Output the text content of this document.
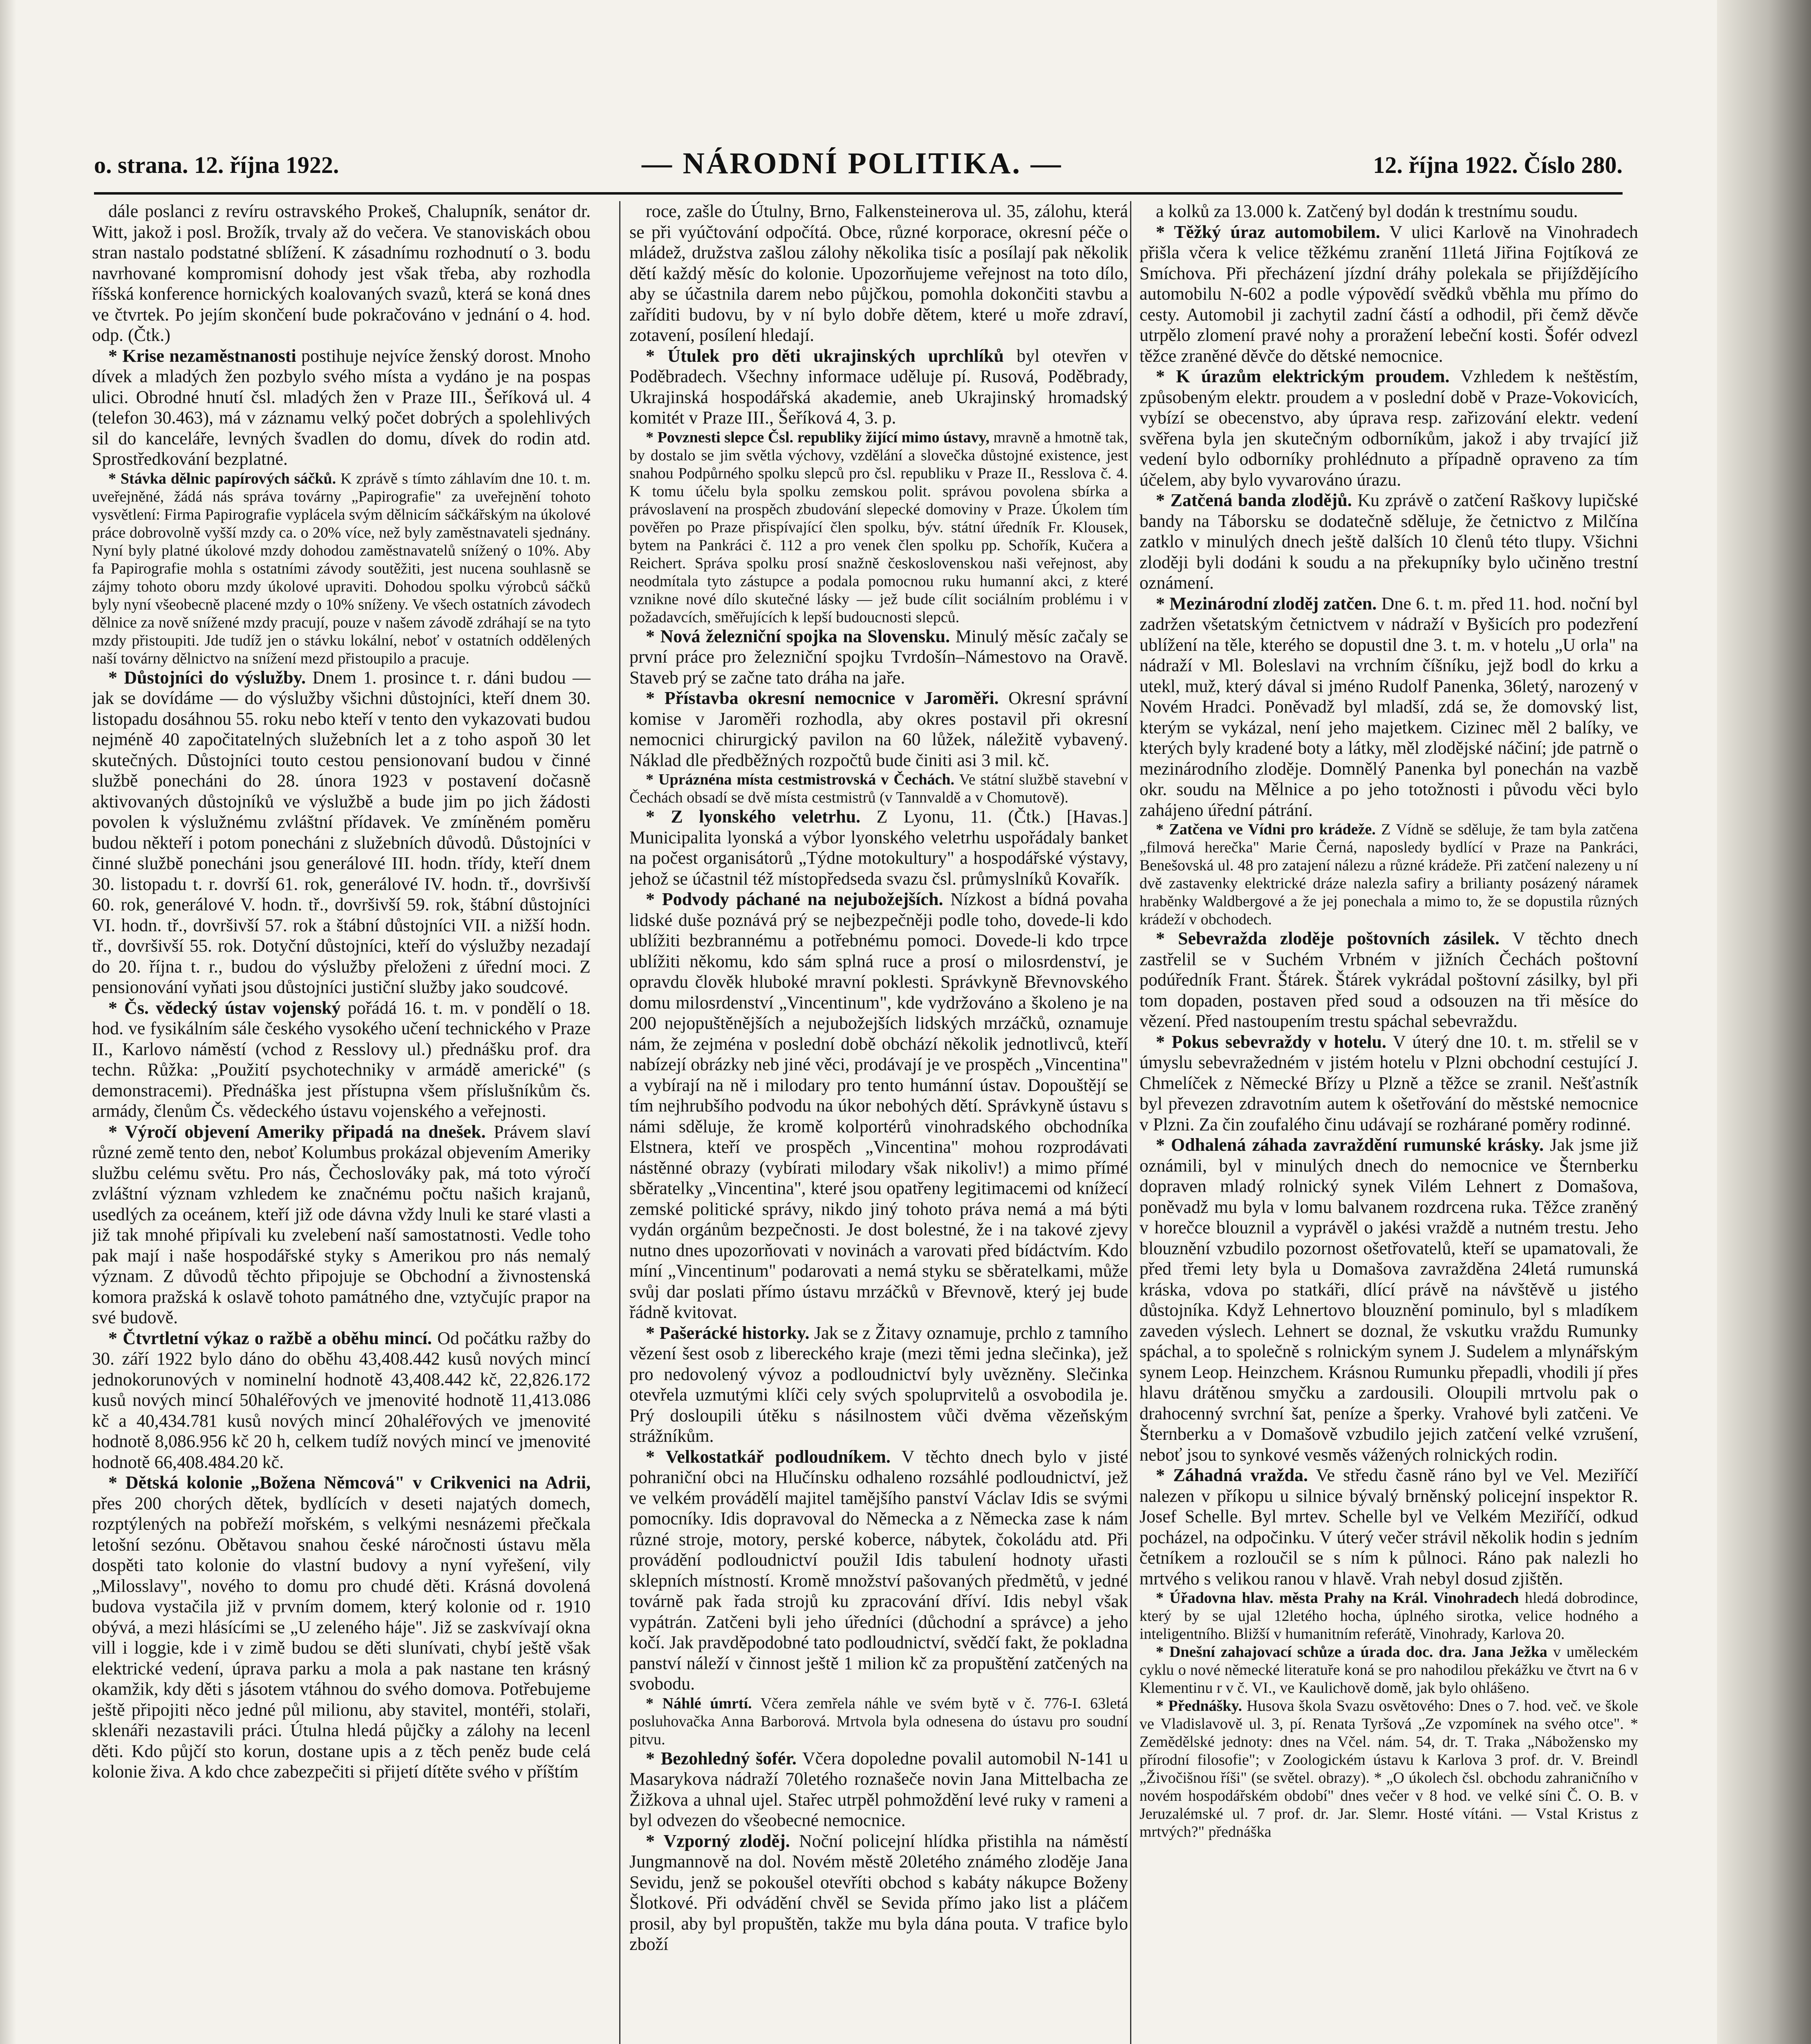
o. strana. 12. října 1922.	— NÁRODNÍ POLITIKA. —	12. října 1922. Číslo 280.

dále poslanci z revíru ostravského Prokeš, Chalupník, senátor dr. Witt, jakož i posl. Brožík, trvaly až do večera. Ve stanoviskách obou stran nastalo podstatné sblížení. K zásadnímu rozhodnutí o 3. bodu navrhované kompromisní dohody jest však třeba, aby rozhodla říšská konference hornických koalovaných svazů, která se koná dnes ve čtvrtek. Po jejím skončení bude pokračováno v jednání o 4. hod. odp. (Čtk.)

* Krise nezaměstnanosti postihuje nejvíce ženský dorost. Mnoho dívek a mladých žen pozbylo svého místa a vydáno je na pospas ulici. Obrodné hnutí čsl. mladých žen v Praze III., Šeříková ul. 4 (telefon 30.463), má v záznamu velký počet dobrých a spolehlivých sil do kanceláře, levných švadlen do domu, dívek do rodin atd. Sprostředkování bezplatné.

* Stávka dělnic papírových sáčků. K zprávě s tímto záhlavím dne 10. t. m. uveřejněné, žádá nás správa továrny „Papirografie" za uveřejnění tohoto vysvětlení: Firma Papirografie vyplácela svým dělnicím sáčkářským na úkolové práce dobrovolně vyšší mzdy ca. o 20% více, než byly zaměstnavateli sjednány. Nyní byly platné úkolové mzdy dohodou zaměstnavatelů snížený o 10%. Aby fa Papirografie mohla s ostatními závody soutěžiti, jest nucena souhlasně se zájmy tohoto oboru mzdy úkolové upraviti. Dohodou spolku výrobců sáčků byly nyní všeobecně placené mzdy o 10% sníženy. Ve všech ostatních závodech dělnice za nově snížené mzdy pracují, pouze v našem závodě zdráhají se na tyto mzdy přistoupiti. Jde tudíž jen o stávku lokální, neboť v ostatních oddělených naší továrny dělnictvo na snížení mezd přistoupilo a pracuje.

* Důstojníci do výslužby. Dnem 1. prosince t. r. dáni budou — jak se dovídáme — do výslužby všichni důstojníci, kteří dnem 30. listopadu dosáhnou 55. roku nebo kteří v tento den vykazovati budou nejméně 40 započitatelných služebních let a z toho aspoň 30 let skutečných. Důstojníci touto cestou pensionovaní budou v činné službě ponecháni do 28. února 1923 v postavení dočasně aktivovaných důstojníků ve výslužbě a bude jim po jich žádosti povolen k výslužnému zvláštní přídavek. Ve zmíněném poměru budou někteří i potom ponecháni z služebních důvodů. Důstojníci v činné službě ponecháni jsou generálové III. hodn. třídy, kteří dnem 30. listopadu t. r. dovrší 61. rok, generálové IV. hodn. tř., dovršivší 60. rok, generálové V. hodn. tř., dovršivší 59. rok, štábní důstojníci VI. hodn. tř., dovršivší 57. rok a štábní důstojníci VII. a nižší hodn. tř., dovršivší 55. rok. Dotyční důstojníci, kteří do výslužby nezadají do 20. října t. r., budou do výslužby přeloženi z úřední moci. Z pensionování vyňati jsou důstojníci justiční služby jako soudcové.

* Čs. vědecký ústav vojenský pořádá 16. t. m. v pondělí o 18. hod. ve fysikálním sále českého vysokého učení technického v Praze II., Karlovo náměstí (vchod z Resslovy ul.) přednášku prof. dra techn. Růžka: „Použití psychotechniky v armádě americké" (s demonstracemi). Přednáška jest přístupna všem příslušníkům čs. armády, členům Čs. vědeckého ústavu vojenského a veřejnosti.

* Výročí objevení Ameriky připadá na dnešek. Právem slaví různé země tento den, neboť Kolumbus prokázal objevením Ameriky službu celému světu. Pro nás, Čechoslováky pak, má toto výročí zvláštní význam vzhledem ke značnému počtu našich krajanů, usedlých za oceánem, kteří již ode dávna vždy lnuli ke staré vlasti a již tak mnohé připívali ku zvelebení naší samostatnosti. Vedle toho pak mají i naše hospodářské styky s Amerikou pro nás nemalý význam. Z důvodů těchto připojuje se Obchodní a živnostenská komora pražská k oslavě tohoto památného dne, vztyčujíc prapor na své budově.

* Čtvrtletní výkaz o ražbě a oběhu mincí. Od počátku ražby do 30. září 1922 bylo dáno do oběhu 43,408.442 kusů nových mincí jednokorunových v nominelní hodnotě 43,408.442 kč, 22,826.172 kusů nových mincí 50haléřových ve jmenovité hodnotě 11,413.086 kč a 40,434.781 kusů nových mincí 20haléřových ve jmenovité hodnotě 8,086.956 kč 20 h, celkem tudíž nových mincí ve jmenovité hodnotě 66,408.484.20 kč.

* Dětská kolonie „Božena Němcová" v Crikvenici na Adrii, přes 200 chorých dětek, bydlících v deseti najatých domech, rozptýlených na pobřeží mořském, s velkými nesnázemi přečkala letošní sezónu. Obětavou snahou české náročnosti ústavu měla dospěti tato kolonie do vlastní budovy a nyní vyřešení, vily „Milosslavy", nového to domu pro chudé děti. Krásná dovolená budova vystačila již v prvním domem, který kolonie od r. 1910 obývá, a mezi hlásícími se „U zeleného háje". Již se zaskvívají okna vill i loggie, kde i v zimě budou se děti slunívati, chybí ještě však elektrické vedení, úprava parku a mola a pak nastane ten krásný okamžik, kdy děti s jásotem vtáhnou do svého domova. Potřebujeme ještě připojiti něco jedné půl milionu, aby stavitel, montéři, stolaři, sklenáři nezastavili práci. Útulna hledá půjčky a zálohy na lecenl děti. Kdo půjčí sto korun, dostane upis a z těch peněz bude celá kolonie živa. A kdo chce zabezpečiti si přijetí dítěte svého v příštím

roce, zašle do Útulny, Brno, Falkensteinerova ul. 35, zálohu, která se při vyúčtování odpočítá. Obce, různé korporace, okresní péče o mládež, družstva zašlou zálohy několika tisíc a posílají pak několik dětí každý měsíc do kolonie. Upozorňujeme veřejnost na toto dílo, aby se účastnila darem nebo půjčkou, pomohla dokončiti stavbu a zaříditi budovu, by v ní bylo dobře dětem, které u moře zdraví, zotavení, posílení hledají.

* Útulek pro děti ukrajinských uprchlíků byl otevřen v Poděbradech. Všechny informace uděluje pí. Rusová, Poděbrady, Ukrajinská hospodářská akademie, aneb Ukrajinský hromadský komitét v Praze III., Šeříková 4, 3. p.

* Povznesti slepce Čsl. republiky žijící mimo ústavy, mravně a hmotně tak, by dostalo se jim světla výchovy, vzdělání a slovečka důstojné existence, jest snahou Podpůrného spolku slepců pro čsl. republiku v Praze II., Resslova č. 4. K tomu účelu byla spolku zemskou polit. správou povolena sbírka a právoslavení na prospěch zbudování slepecké domoviny v Praze. Úkolem tím pověřen po Praze přispívající člen spolku, býv. státní úředník Fr. Klousek, bytem na Pankráci č. 112 a pro venek člen spolku pp. Schořík, Kučera a Reichert. Správa spolku prosí snažně československou naši veřejnost, aby neodmítala tyto zástupce a podala pomocnou ruku humanní akci, z které vznikne nové dílo skutečné lásky — jež bude cílit sociálním problému i v požadavcích, směřujících k lepší budoucnosti slepců.

* Nová železniční spojka na Slovensku. Minulý měsíc začaly se první práce pro železniční spojku Tvrdošín–Námestovo na Oravě. Staveb prý se začne tato dráha na jaře.

* Přístavba okresní nemocnice v Jaroměři. Okresní správní komise v Jaroměři rozhodla, aby okres postavil při okresní nemocnici chirurgický pavilon na 60 lůžek, náležitě vybavený. Náklad dle předběžných rozpočtů bude činiti asi 3 mil. kč.

* Upráznéna místa cestmistrovská v Čechách. Ve státní službě stavební v Čechách obsadí se dvě místa cestmistrů (v Tannvaldě a v Chomutově).

* Z lyonského veletrhu. Z Lyonu, 11. (Čtk.) [Havas.] Municipalita lyonská a výbor lyonského veletrhu uspořádaly banket na počest organisátorů „Týdne motokultury" a hospodářské výstavy, jehož se účastnil též místopředseda svazu čsl. průmyslníků Kovařík.

* Podvody páchané na nejubožejších. Nízkost a bídná povaha lidské duše poznává prý se nejbezpečněji podle toho, dovede-li kdo ublížiti bezbrannému a potřebnému pomoci. Dovede-li kdo trpce ublížiti někomu, kdo sám splná ruce a prosí o milosrdenství, je opravdu člověk hluboké mravní poklesti. Správkyně Břevnovského domu milosrdenství „Vincentinum", kde vydržováno a školeno je na 200 nejopuštěnějších a nejubožejších lidských mrzáčků, oznamuje nám, že zejména v poslední době obchází několik jednotlivců, kteří nabízejí obrázky neb jiné věci, prodávají je ve prospěch „Vincentina" a vybírají na ně i milodary pro tento humánní ústav. Dopouštějí se tím nejhrubšího podvodu na úkor nebohých dětí. Správkyně ústavu s námi sděluje, že kromě kolportérů vinohradského obchodníka Elstnera, kteří ve prospěch „Vincentina" mohou rozprodávati nástěnné obrazy (vybírati milodary však nikoliv!) a mimo přímé sběratelky „Vincentina", které jsou opatřeny legitimacemi od knížecí zemské politické správy, nikdo jiný tohoto práva nemá a má býti vydán orgánům bezpečnosti. Je dost bolestné, že i na takové zjevy nutno dnes upozorňovati v novinách a varovati před bídáctvím. Kdo míní „Vincentinum" podarovati a nemá styku se sběratelkami, může svůj dar poslati přímo ústavu mrzáčků v Břevnově, který jej bude řádně kvitovat.

* Pašerácké historky. Jak se z Žitavy oznamuje, prchlo z tamního vězení šest osob z libereckého kraje (mezi těmi jedna slečinka), jež pro nedovolený vývoz a podloudnictví byly uvězněny. Slečinka otevřela uzmutými klíči cely svých spoluprvitelů a osvobodila je. Prý dosloupili útěku s násilnostem vůči dvěma vězeňským strážníkům.

* Velkostatkář podloudníkem. V těchto dnech bylo v jisté pohraniční obci na Hlučínsku odhaleno rozsáhlé podloudnictví, jež ve velkém provádělí majitel tamějšího panství Václav Idis se svými pomocníky. Idis dopravoval do Německa a z Německa zase k nám různé stroje, motory, perské koberce, nábytek, čokoládu atd. Při provádění podloudnictví použil Idis tabulení hodnoty uřasti sklepních místností. Kromě množství pašovaných předmětů, v jedné továrně pak řada strojů ku zpracování dříví. Idis nebyl však vypátrán. Zatčeni byli jeho úředníci (důchodní a správce) a jeho kočí. Jak pravděpodobné tato podloudnictví, svědčí fakt, že pokladna panství náleží v činnost ještě 1 milion kč za propuštění zatčených na svobodu.

* Náhlé úmrtí. Včera zemřela náhle ve svém bytě v č. 776-I. 63letá posluhovačka Anna Barborová. Mrtvola byla odnesena do ústavu pro soudní pitvu.

* Bezohledný šofér. Včera dopoledne povalil automobil N-141 u Masarykova nádraží 70letého roznašeče novin Jana Mittelbacha ze Žižkova a uhnal ujel. Stařec utrpěl pohmoždění levé ruky v rameni a byl odvezen do všeobecné nemocnice.

* Vzporný zloděj. Noční policejní hlídka přistihla na náměstí Jungmannově na dol. Novém městě 20letého známého zloděje Jana Sevidu, jenž se pokoušel otevříti obchod s kabáty nákupce Boženy Šlotkové. Při odvádění chvěl se Sevida přímo jako list a pláčem prosil, aby byl propuštěn, takže mu byla dána pouta. V trafice bylo zboží

a kolků za 13.000 k. Zatčený byl dodán k trestnímu soudu.

* Těžký úraz automobilem. V ulici Karlově na Vinohradech přišla včera k velice těžkému zranění 11letá Jiřina Fojtíková ze Smíchova. Při přecházení jízdní dráhy polekala se přijíždějícího automobilu N-602 a podle výpovědí svědků vběhla mu přímo do cesty. Automobil ji zachytil zadní částí a odhodil, při čemž děvče utrpělo zlomení pravé nohy a proražení lebeční kosti. Šofér odvezl těžce zraněné děvče do dětské nemocnice.

* K úrazům elektrickým proudem. Vzhledem k neštěstím, způsobeným elektr. proudem a v poslední době v Praze-Vokovicích, vybízí se obecenstvo, aby úprava resp. zařizování elektr. vedení svěřena byla jen skutečným odborníkům, jakož i aby trvající již vedení bylo odborníky prohlédnuto a případně opraveno za tím účelem, aby bylo vyvarováno úrazu.

* Zatčená banda zlodějů. Ku zprávě o zatčení Raškovy lupičské bandy na Táborsku se dodatečně sděluje, že četnictvo z Milčína zatklo v minulých dnech ještě dalších 10 členů této tlupy. Všichni zloději byli dodáni k soudu a na překupníky bylo učiněno trestní oznámení.

* Mezinárodní zloděj zatčen. Dne 6. t. m. před 11. hod. noční byl zadržen všetatským četnictvem v nádraží v Byšicích pro podezření ublížení na těle, kterého se dopustil dne 3. t. m. v hotelu „U orla" na nádraží v Ml. Boleslavi na vrchním číšníku, jejž bodl do krku a utekl, muž, který dával si jméno Rudolf Panenka, 36letý, narozený v Novém Hradci. Poněvadž byl mladší, zdá se, že domovský list, kterým se vykázal, není jeho majetkem. Cizinec měl 2 balíky, ve kterých byly kradené boty a látky, měl zlodějské náčiní; jde patrně o mezinárodního zloděje. Domnělý Panenka byl ponechán na vazbě okr. soudu na Mělnice a po jeho totožnosti i původu věci bylo zahájeno úřední pátrání.

* Zatčena ve Vídni pro krádeže. Z Vídně se sděluje, že tam byla zatčena „filmová herečka" Marie Černá, naposledy bydlící v Praze na Pankráci, Benešovská ul. 48 pro zatajení nálezu a různé krádeže. Při zatčení nalezeny u ní dvě zastavenky elektrické dráze nalezla safiry a brilianty posázený náramek hraběnky Waldbergové a že jej ponechala a mimo to, že se dopustila různých krádeží v obchodech.

* Sebevražda zloděje poštovních zásilek. V těchto dnech zastřelil se v Suchém Vrbném v jižních Čechách poštovní podúředník Frant. Štárek. Štárek vykrádal poštovní zásilky, byl při tom dopaden, postaven před soud a odsouzen na tři měsíce do vězení. Před nastoupením trestu spáchal sebevraždu.

* Pokus sebevraždy v hotelu. V úterý dne 10. t. m. střelil se v úmyslu sebevražedném v jistém hotelu v Plzni obchodní cestující J. Chmelíček z Německé Břízy u Plzně a těžce se zranil. Nešťastník byl převezen zdravotním autem k ošetřování do městské nemocnice v Plzni. Za čin zoufalého činu udávají se rozhárané poměry rodinné.

* Odhalená záhada zavraždění rumunské krásky. Jak jsme již oznámili, byl v minulých dnech do nemocnice ve Šternberku dopraven mladý rolnický synek Vilém Lehnert z Domašova, poněvadž mu byla v lomu balvanem rozdrcena ruka. Těžce zraněný v horečce blouznil a vyprávěl o jakési vraždě a nutném trestu. Jeho blouznění vzbudilo pozornost ošetřovatelů, kteří se upamatovali, že před třemi lety byla u Domašova zavražděna 24letá rumunská kráska, vdova po statkáři, dlící právě na návštěvě u jistého důstojníka. Když Lehnertovo blouznění pominulo, byl s mladíkem zaveden výslech. Lehnert se doznal, že vskutku vraždu Rumunky spáchal, a to společně s rolnickým synem J. Sudelem a mlynářským synem Leop. Heinzchem. Krásnou Rumunku přepadli, vhodili jí přes hlavu drátěnou smyčku a zardousili. Oloupili mrtvolu pak o drahocenný svrchní šat, peníze a šperky. Vrahové byli zatčeni. Ve Šternberku a v Domašově vzbudilo jejich zatčení velké vzrušení, neboť jsou to synkové vesměs vážených rolnických rodin.

* Záhadná vražda. Ve středu časně ráno byl ve Vel. Meziříčí nalezen v příkopu u silnice bývalý brněnský policejní inspektor R. Josef Schelle. Byl mrtev. Schelle byl ve Velkém Meziříčí, odkud pocházel, na odpočinku. V úterý večer strávil několik hodin s jedním četníkem a rozloučil se s ním k půlnoci. Ráno pak nalezli ho mrtvého s velikou ranou v hlavě. Vrah nebyl dosud zjištěn.

* Úřadovna hlav. města Prahy na Král. Vinohradech hledá dobrodince, který by se ujal 12letého hocha, úplného sirotka, velice hodného a inteligentního. Bližší v humanitním referátě, Vinohrady, Karlova 20.

* Dnešní zahajovací schůze a úrada doc. dra. Jana Ježka v uměleckém cyklu o nové německé literatuře koná se pro nahodilou překážku ve čtvrt na 6 v Klementinu r v č. VI., ve Kaulichově domě, jak bylo ohlášeno.

* Přednášky. Husova škola Svazu osvětového: Dnes o 7. hod. več. ve škole ve Vladislavově ul. 3, pí. Renata Tyršová „Ze vzpomínek na svého otce". * Zemědělské jednoty: dnes na Včel. nám. 54, dr. T. Traka „Nábožensko my přírodní filosofie"; v Zoologickém ústavu k Karlova 3 prof. dr. V. Breindl „Živočišnou říši" (se světel. obrazy). * „O úkolech čsl. obchodu zahraničního v novém hospodářském období" dnes večer v 8 hod. ve velké síni Č. O. B. v Jeruzalémské ul. 7 prof. dr. Jar. Slemr. Hosté vítáni. — Vstal Kristus z mrtvých?" přednáška
